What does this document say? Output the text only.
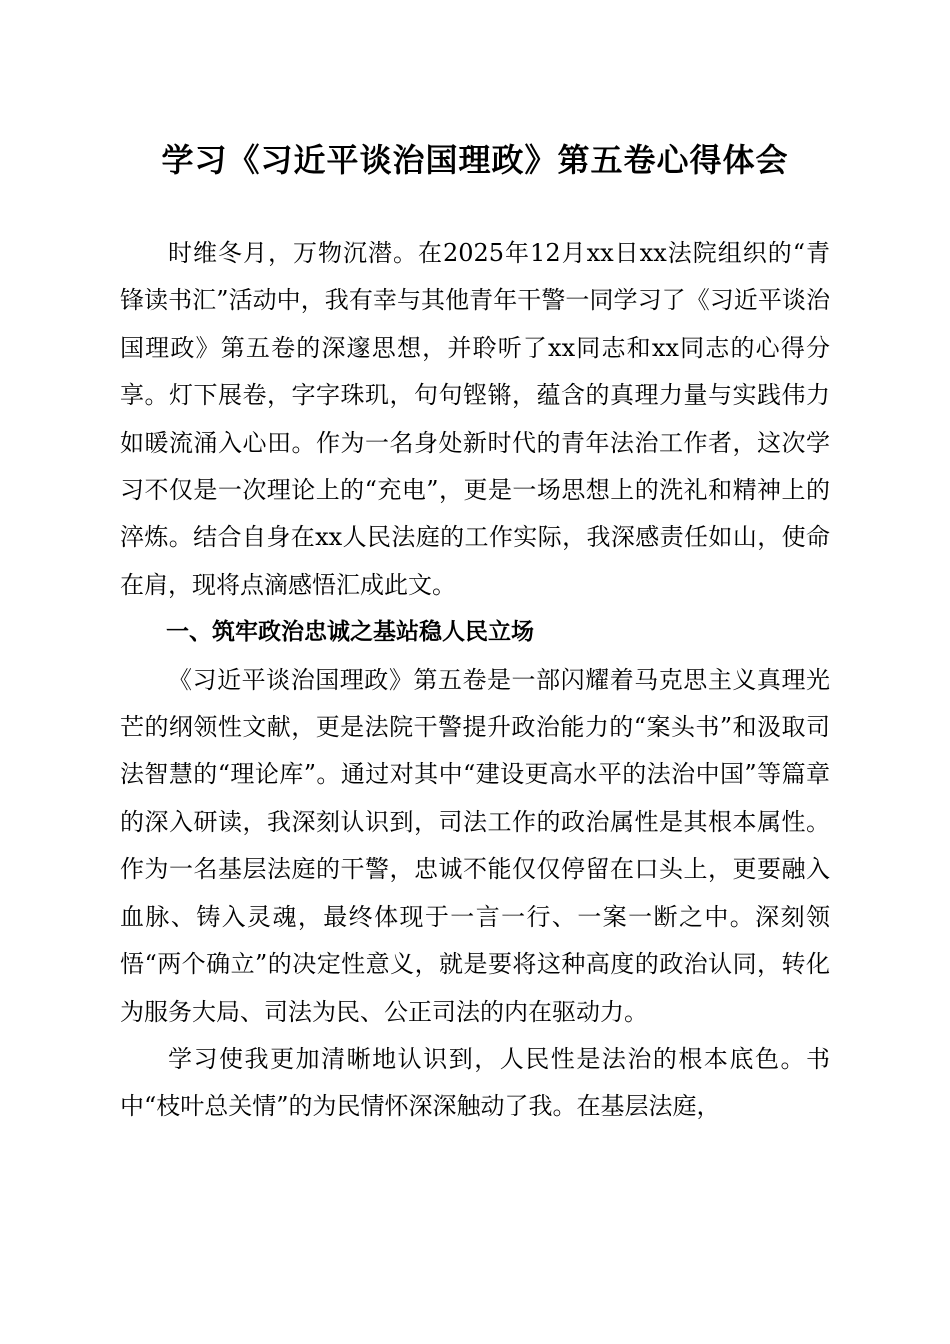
学习《习近平谈治国理政》第五卷心得体会

时维冬月，万物沉潜。在2025年12月xx日xx法院组织的“青锋读书汇”活动中，我有幸与其他青年干警一同学习了《习近平谈治国理政》第五卷的深邃思想，并聆听了xx同志和xx同志的心得分享。灯下展卷，字字珠玑，句句铿锵，蕴含的真理力量与实践伟力如暖流涌入心田。作为一名身处新时代的青年法治工作者，这次学习不仅是一次理论上的“充电”，更是一场思想上的洗礼和精神上的淬炼。结合自身在xx人民法庭的工作实际，我深感责任如山，使命在肩，现将点滴感悟汇成此文。

一、筑牢政治忠诚之基站稳人民立场

《习近平谈治国理政》第五卷是一部闪耀着马克思主义真理光芒的纲领性文献，更是法院干警提升政治能力的“案头书”和汲取司法智慧的“理论库”。通过对其中“建设更高水平的法治中国”等篇章的深入研读，我深刻认识到，司法工作的政治属性是其根本属性。作为一名基层法庭的干警，忠诚不能仅仅停留在口头上，更要融入血脉、铸入灵魂，最终体现于一言一行、一案一断之中。深刻领悟“两个确立”的决定性意义，就是要将这种高度的政治认同，转化为服务大局、司法为民、公正司法的内在驱动力。

学习使我更加清晰地认识到，人民性是法治的根本底色。书中“枝叶总关情”的为民情怀深深触动了我。在基层法庭，
